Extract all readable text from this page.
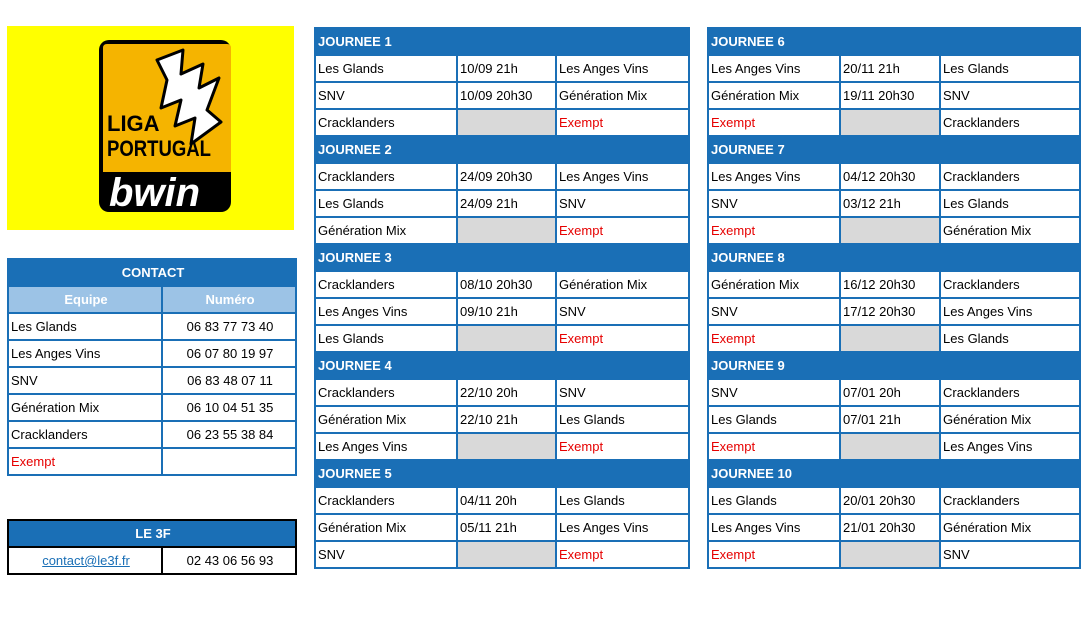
LIGA
PORTUGAL
bwin
CONTACT	
Equipe	Numéro
Les Glands	06 83 77 73 40
Les Anges Vins	06 07 80 19 97
SNV	06 83 48 07 11
Génération Mix	06 10 04 51 35
Cracklanders	06 23 55 38 84
Exempt	
LE 3F
contact@le3f.fr	02 43 06 56 93
JOURNEE 1		
Les Glands	10/09 21h	Les Anges Vins
SNV	10/09 20h30	Génération Mix
Cracklanders		Exempt
JOURNEE 2		
Cracklanders	24/09 20h30	Les Anges Vins
Les Glands	24/09 21h	SNV
Génération Mix		Exempt
JOURNEE 3		
Cracklanders	08/10 20h30	Génération Mix
Les Anges Vins	09/10 21h	SNV
Les Glands		Exempt
JOURNEE 4		
Cracklanders	22/10 20h	SNV
Génération Mix	22/10 21h	Les Glands
Les Anges Vins		Exempt
JOURNEE 5		
Cracklanders	04/11 20h	Les Glands
Génération Mix	05/11 21h	Les Anges Vins
SNV		Exempt
JOURNEE 6		
Les Anges Vins	20/11 21h	Les Glands
Génération Mix	19/11 20h30	SNV
Exempt		Cracklanders
JOURNEE 7		
Les Anges Vins	04/12 20h30	Cracklanders
SNV	03/12 21h	Les Glands
Exempt		Génération Mix
JOURNEE 8		
Génération Mix	16/12 20h30	Cracklanders
SNV	17/12 20h30	Les Anges Vins
Exempt		Les Glands
JOURNEE 9		
SNV	07/01 20h	Cracklanders
Les Glands	07/01 21h	Génération Mix
Exempt		Les Anges Vins
JOURNEE 10		
Les Glands	20/01 20h30	Cracklanders
Les Anges Vins	21/01 20h30	Génération Mix
Exempt		SNV
